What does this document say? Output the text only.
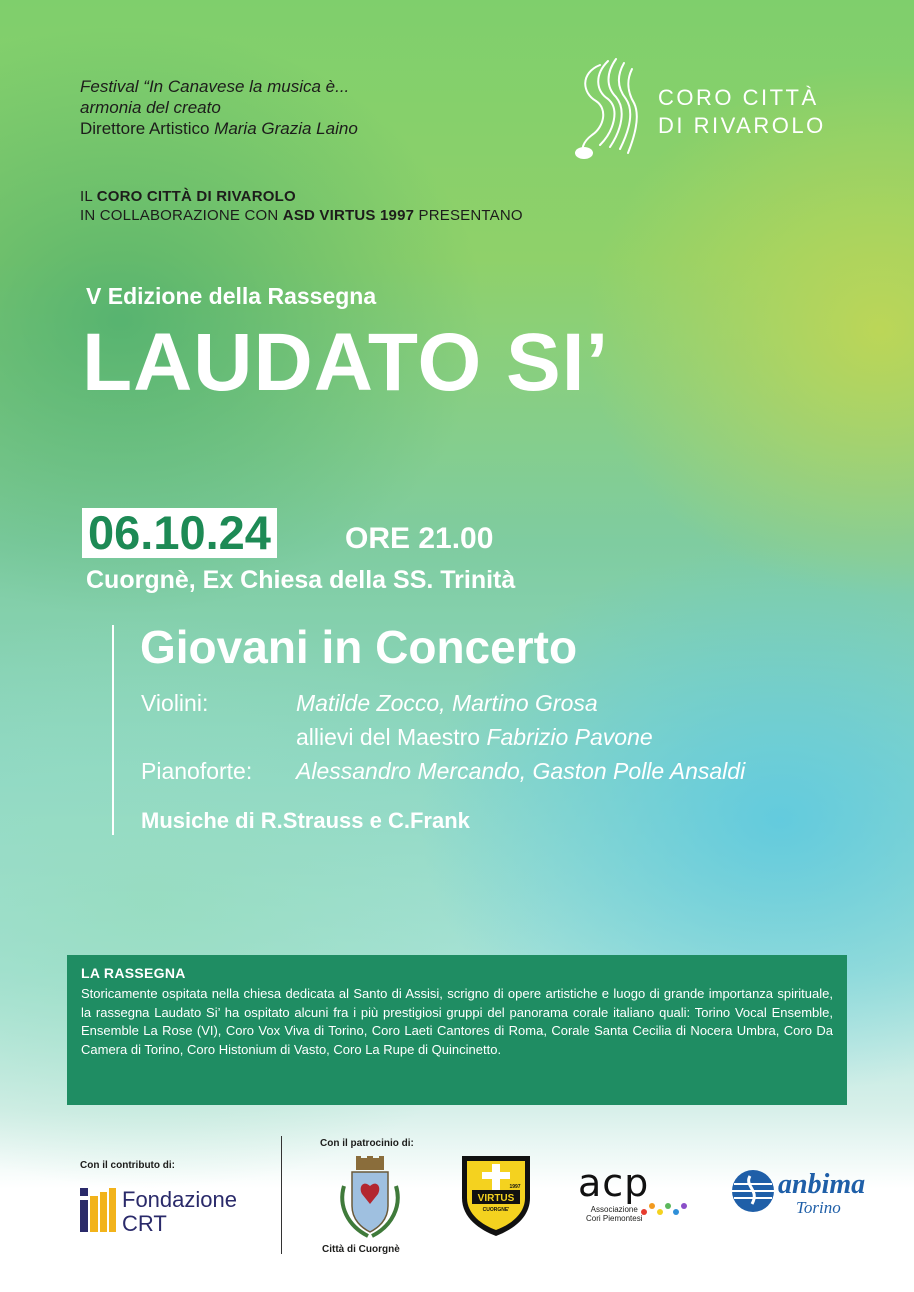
Festival “In Canavese la musica è...
armonia del creato
Direttore Artistico Maria Grazia Laino
CORO CITTÀ
DI RIVAROLO
IL CORO CITTÀ DI RIVAROLO
IN COLLABORAZIONE CON ASD VIRTUS 1997 PRESENTANO
V Edizione della Rassegna
LAUDATO SI’
06.10.24 ORE 21.00
Cuorgnè, Ex Chiesa della SS. Trinità
Giovani in Concerto
Violini:	Matilde Zocco, Martino Grosa
allievi del Maestro Fabrizio Pavone
Pianoforte: Alessandro Mercando, Gaston Polle Ansaldi
Musiche di R.Strauss e C.Frank
LA RASSEGNA

Storicamente ospitata nella chiesa dedicata al Santo di Assisi, scrigno di opere artistiche e luogo di grande importanza spirituale, la rassegna Laudato Si’ ha ospitato alcuni fra i più prestigiosi gruppi del panorama corale italiano quali: Torino Vocal Ensemble, Ensemble La Rose (VI), Coro Vox Viva di Torino, Coro Laeti Cantores di Roma, Corale Santa Cecilia di Nocera Umbra, Coro Da Camera di Torino, Coro Histonium di Vasto, Coro La Rupe di Quincinetto.

Con il contributo di:
Fondazione
CRT
Con il patrocinio di:
Città di Cuorgnè
VIRTUS
CUORGNE'
1997 acp
Associazione
Cori Piemontesi
anbima
Torino
